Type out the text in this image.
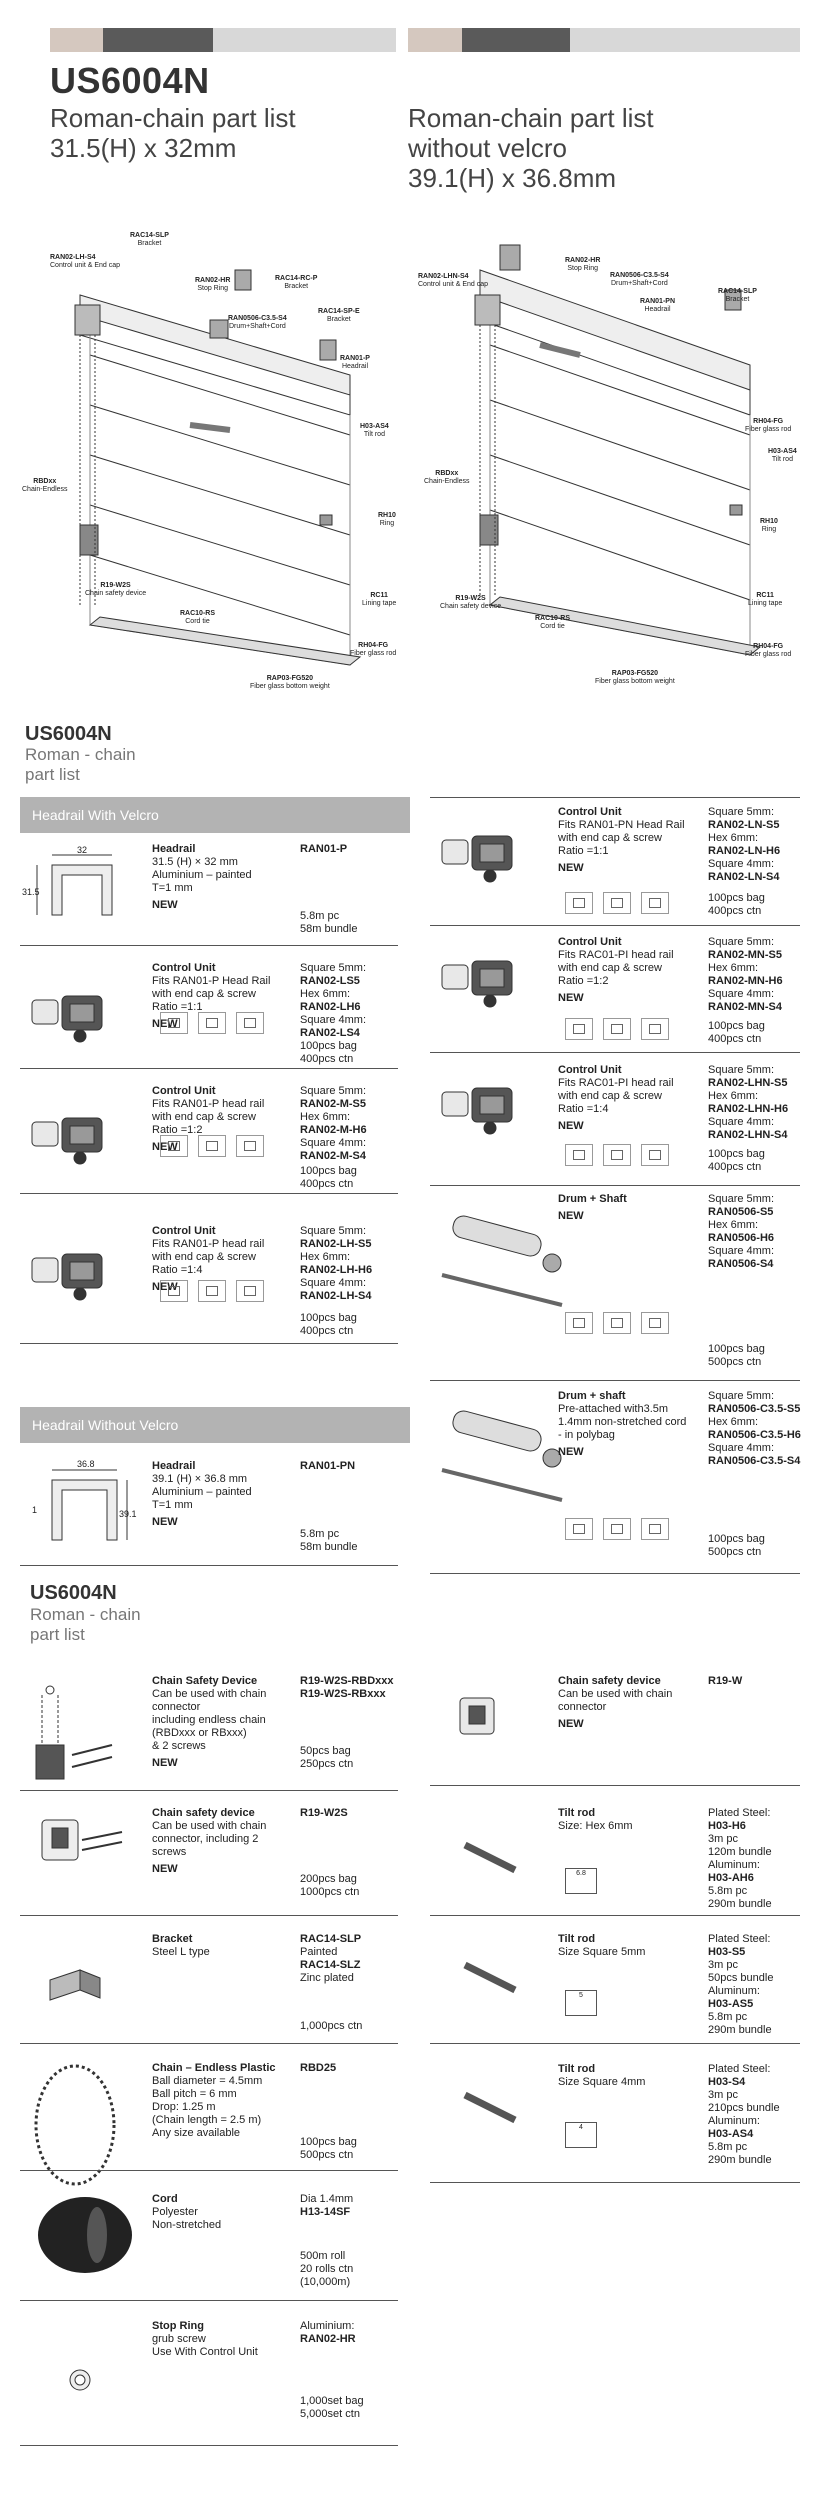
US6004N
Roman-chain part list
31.5(H) x 32mm
Roman-chain part list
without velcro
39.1(H) x 36.8mm
RAC14-SLP
Bracket
RAN02-LH-S4
Control unit & End cap
RAN02-HR
Stop Ring
RAC14-RC-P
Bracket
RAC14-SP-E
Bracket
RAN0506-C3.5-S4
Drum+Shaft+Cord
RAN01-P
Headrail
H03-AS4
Tilt rod
RBDxx
Chain-Endless
RH10
Ring
R19-W2S
Chain safety device	RC11
Lining tape
RAC10-RS
Cord tie
RH04-FG
Fiber glass rod
RAP03-FG520
Fiber glass bottom weight
RAN02-HR
Stop Ring
RAN02-LHN-S4
Control unit & End cap
RAN0506-C3.5-S4
Drum+Shaft+Cord
RAN01-PN
Headrail
RAC14-SLP
Bracket
RH04-FG
Fiber glass rod
H03-AS4
Tilt rod
RBDxx
Chain-Endless
RH10
Ring
R19-W2S
Chain safety device
RAC10-RS
Cord tie
RC11
Lining tape
RH04-FG
Fiber glass rod
RAP03-FG520
Fiber glass bottom weight
US6004N
Roman - chain
part list
Headrail With Velcro
32
31.5
36.8
39.1
1
Headrail Without Velcro
US6004N
Roman - chain
part list
Headrail
31.5 (H) × 32 mm
Aluminium – painted
T=1 mm
NEW
RAN01-P
5.8m pc
58m bundle
Control Unit
Fits RAN01-P Head Rail
with end cap & screw
Ratio =1:1
NEW
Square 5mm:
RAN02-LS5
Hex 6mm:
RAN02-LH6
Square 4mm:
RAN02-LS4
100pcs bag
400pcs ctn
Control Unit
Fits RAN01-P head rail
with end cap & screw
Ratio =1:2
NEW
Square 5mm:
RAN02-M-S5
Hex 6mm:
RAN02-M-H6
Square 4mm:
RAN02-M-S4
100pcs bag
400pcs ctn
Control Unit
Fits RAN01-P head rail
with end cap & screw
Ratio =1:4
NEW
Square 5mm:
RAN02-LH-S5
Hex 6mm:
RAN02-LH-H6
Square 4mm:
RAN02-LH-S4
100pcs bag
400pcs ctn
Headrail
39.1 (H) × 36.8 mm
Aluminium – painted
T=1 mm
NEW
RAN01-PN
5.8m pc
58m bundle
Control Unit
Fits RAN01-PN Head Rail
with end cap & screw
Ratio =1:1
NEW
Square 5mm:
RAN02-LN-S5
Hex 6mm:
RAN02-LN-H6
Square 4mm:
RAN02-LN-S4
100pcs bag
400pcs ctn
Control Unit
Fits RAC01-PI head rail
with end cap & screw
Ratio =1:2
NEW
Square 5mm:
RAN02-MN-S5
Hex 6mm:
RAN02-MN-H6
Square 4mm:
RAN02-MN-S4
100pcs bag
400pcs ctn
Control Unit
Fits RAC01-PI head rail
with end cap & screw
Ratio =1:4
NEW
Square 5mm:
RAN02-LHN-S5
Hex 6mm:
RAN02-LHN-H6
Square 4mm:
RAN02-LHN-S4
100pcs bag
400pcs ctn
Drum + Shaft
NEW
Square 5mm:
RAN0506-S5
Hex 6mm:
RAN0506-H6
Square 4mm:
RAN0506-S4
100pcs bag
500pcs ctn
Drum + shaft
Pre-attached with3.5m
1.4mm non-stretched cord
- in polybag
NEW
Square 5mm:
RAN0506-C3.5-S5
Hex 6mm:
RAN0506-C3.5-H6
Square 4mm:
RAN0506-C3.5-S4
100pcs bag
500pcs ctn
Chain Safety Device
Can be used with chain
connector
including endless chain
(RBDxxx or RBxxx)
& 2 screws
NEW
R19-W2S-RBDxxx
R19-W2S-RBxxx
50pcs bag
250pcs ctn
Chain safety device
Can be used with chain
connector, including 2
screws
NEW
R19-W2S
200pcs bag
1000pcs ctn
Bracket
Steel L type
RAC14-SLP
Painted
RAC14-SLZ
Zinc plated
1,000pcs ctn
Chain – Endless Plastic
Ball diameter = 4.5mm
Ball pitch = 6 mm
Drop: 1.25 m
(Chain length = 2.5 m)
Any size available
RBD25
100pcs bag
500pcs ctn
Cord
Polyester
Non-stretched
Dia 1.4mm
H13-14SF
500m roll
20 rolls ctn
(10,000m)
Stop Ring
grub screw
Use With Control Unit
Aluminium:
RAN02-HR
1,000set bag
5,000set ctn
Chain safety device
Can be used with chain
connector
NEW
R19-W
Tilt rod
Size: Hex 6mm
Plated Steel:
H03-H6
3m pc
120m bundle
Aluminum:
H03-AH6
5.8m pc
290m bundle
Tilt rod
Size Square 5mm
Plated Steel:
H03-S5
3m pc
50pcs bundle
Aluminum:
H03-AS5
5.8m pc
290m bundle
Tilt rod
Size Square 4mm
Plated Steel:
H03-S4
3m pc
210pcs bundle
Aluminum:
H03-AS4
5.8m pc
290m bundle
6.8
5
4
